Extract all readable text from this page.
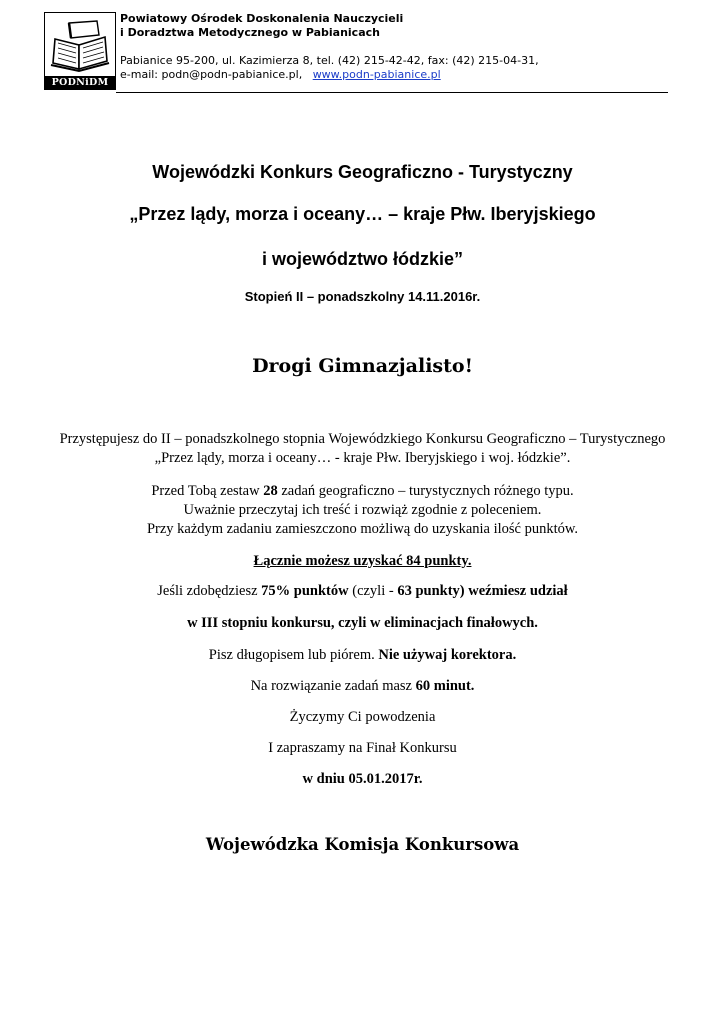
PODNiDM
Powiatowy Ośrodek Doskonalenia Nauczycieli
i Doradztwa Metodycznego w Pabianicach
Pabianice 95-200, ul. Kazimierza 8, tel. (42) 215-42-42, fax: (42) 215-04-31,
e-mail: podn@podn-pabianice.pl, www.podn-pabianice.pl
Wojewódzki Konkurs Geograficzno - Turystyczny
„Przez lądy, morza i oceany… – kraje Płw. Iberyjskiego
i województwo łódzkie”
Stopień II – ponadszkolny 14.11.2016r.
Drogi Gimnazjalisto!
Przystępujesz do II – ponadszkolnego stopnia Wojewódzkiego Konkursu Geograficzno – Turystycznego
„Przez lądy, morza i oceany… - kraje Płw. Iberyjskiego i woj. łódzkie”.
Przed Tobą zestaw 28 zadań geograficzno – turystycznych różnego typu.
Uważnie przeczytaj ich treść i rozwiąż zgodnie z poleceniem.
Przy każdym zadaniu zamieszczono możliwą do uzyskania ilość punktów.
Łącznie możesz uzyskać 84 punkty.
Jeśli zdobędziesz 75% punktów (czyli - 63 punkty) weźmiesz udział
w III stopniu konkursu, czyli w eliminacjach finałowych.
Pisz długopisem lub piórem. Nie używaj korektora.
Na rozwiązanie zadań masz 60 minut.
Życzymy Ci powodzenia
I zapraszamy na Finał Konkursu
w dniu 05.01.2017r.
Wojewódzka Komisja Konkursowa
